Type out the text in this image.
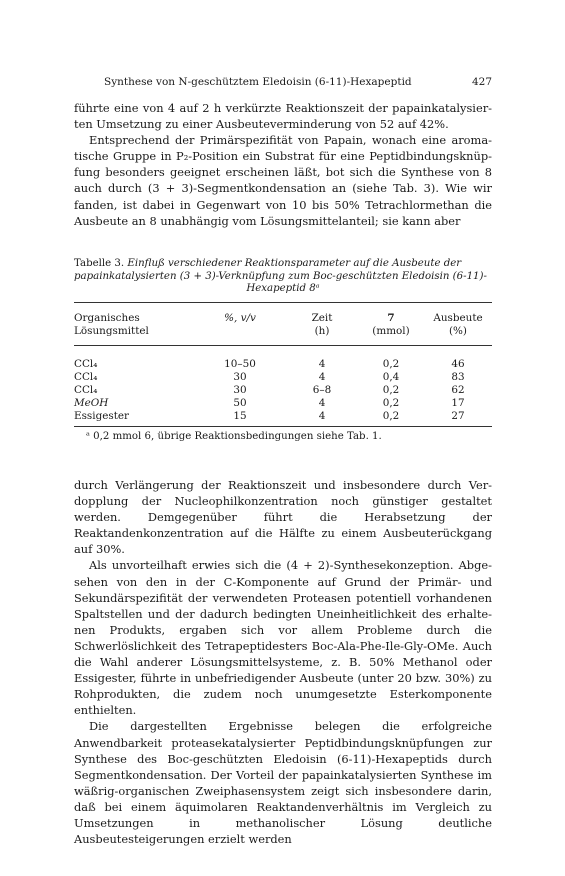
Synthese von N-geschütztem Eledoisin (6-11)-Hexapeptid	427

führte eine von 4 auf 2 h verkürzte Reaktionszeit der papainkatalysierten Umsetzung zu einer Ausbeuteverminderung von 52 auf 42%.

Entsprechend der Primärspezifität von Papain, wonach eine aromatische Gruppe in P₂-Position ein Substrat für eine Peptidbindungsknüpfung besonders geeignet erscheinen läßt, bot sich die Synthese von 8 auch durch (3 + 3)-Segmentkondensation an (siehe Tab. 3). Wie wir fanden, ist dabei in Gegenwart von 10 bis 50% Tetrachlormethan die Ausbeute an 8 unabhängig vom Lösungsmittelanteil; sie kann aber

Tabelle 3. Einfluß verschiedener Reaktionsparameter auf die Ausbeute der
papainkatalysierten (3 + 3)-Verknüpfung zum Boc-geschützten Eledoisin (6-11)-
Hexapeptid 8ᵃ
Organisches	%, v/v	Zeit	7	Ausbeute
Lösungsmittel		(h)	(mmol)	(%)
CCl₄	10–50	4	0,2	46
CCl₄	30	4	0,4	83
CCl₄	30	6–8	0,2	62
MeOH	50	4	0,2	17
Essigester	15	4	0,2	27
ᵃ 0,2 mmol 6, übrige Reaktionsbedingungen siehe Tab. 1.

durch Verlängerung der Reaktionszeit und insbesondere durch Verdopplung der Nucleophilkonzentration noch günstiger gestaltet werden. Demgegenüber führt die Herabsetzung der Reaktandenkonzentration auf die Hälfte zu einem Ausbeuterückgang auf 30%.

Als unvorteilhaft erwies sich die (4 + 2)-Synthesekonzeption. Abgesehen von den in der C-Komponente auf Grund der Primär- und Sekundärspezifität der verwendeten Proteasen potentiell vorhandenen Spaltstellen und der dadurch bedingten Uneinheitlichkeit des erhaltenen Produkts, ergaben sich vor allem Probleme durch die Schwerlöslichkeit des Tetrapeptidesters Boc-Ala-Phe-Ile-Gly-OMe. Auch die Wahl anderer Lösungsmittelsysteme, z. B. 50% Methanol oder Essigester, führte in unbefriedigender Ausbeute (unter 20 bzw. 30%) zu Rohprodukten, die zudem noch unumgesetzte Esterkomponente enthielten.

Die dargestellten Ergebnisse belegen die erfolgreiche Anwendbarkeit proteasekatalysierter Peptidbindungsknüpfungen zur Synthese des Boc-geschützten Eledoisin (6-11)-Hexapeptids durch Segmentkondensation. Der Vorteil der papainkatalysierten Synthese im wäßrig-organischen Zweiphasensystem zeigt sich insbesondere darin, daß bei einem äquimolaren Reaktandenverhältnis im Vergleich zu Umsetzungen in methanolischer Lösung deutliche Ausbeutesteigerungen erzielt werden
